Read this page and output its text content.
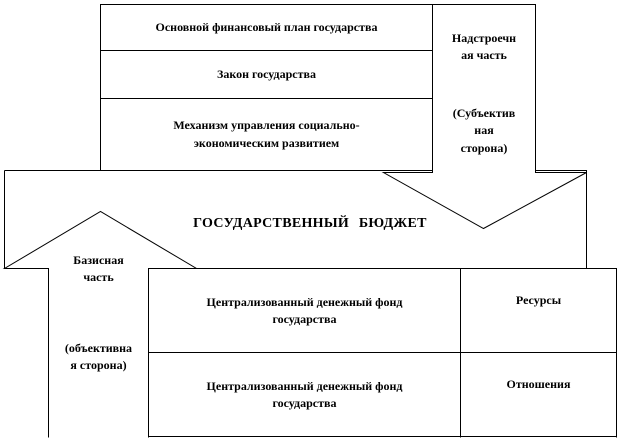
Основной финансовый план государства
Закон государства
Механизм управления социально-
экономическим развитием
Надстроечн
ая часть
(Субъектив
ная
сторона)
ГОСУДАРСТВЕННЫЙ БЮДЖЕТ
Базисная
часть
(объективна
я сторона)
Централизованный денежный фонд
государства
Ресурсы
Централизованный денежный фонд
государства
Отношения
